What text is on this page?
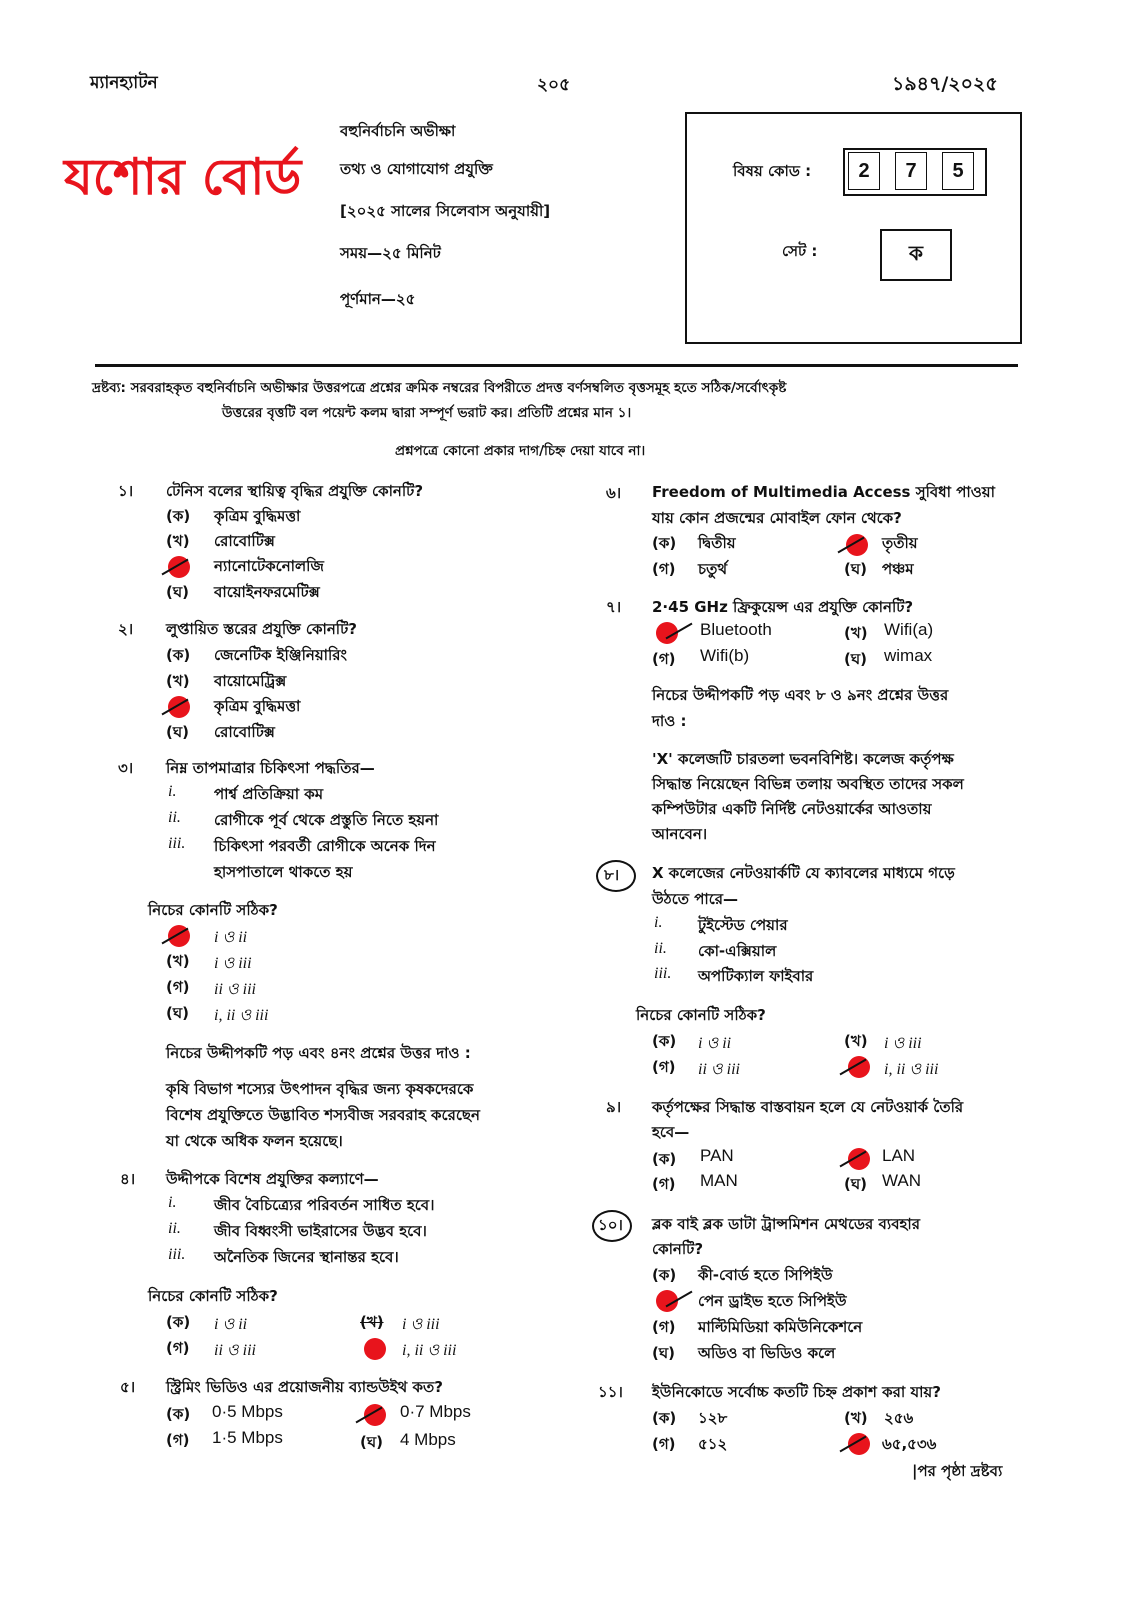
ম্যানহ্যাটন	২০৫	১৯৪৭/২০২৫
যশোর বোর্ড
বহুনির্বাচনি অভীক্ষা
তথ্য ও যোগাযোগ প্রযুক্তি
[২০২৫ সালের সিলেবাস অনুযায়ী]
সময়—২৫ মিনিট
পূর্ণমান—২৫
বিষয় কোড :	2	7	5
সেট :	ক
দ্রষ্টব্য: সরবরাহকৃত বহুনির্বাচনি অভীক্ষার উত্তরপত্রে প্রশ্নের ক্রমিক নম্বরের বিপরীতে প্রদত্ত বর্ণসম্বলিত বৃত্তসমূহ হতে সঠিক/সর্বোৎকৃষ্ট
উত্তরের বৃত্তটি বল পয়েন্ট কলম দ্বারা সম্পূর্ণ ভরাট কর। প্রতিটি প্রশ্নের মান ১।
প্রশ্নপত্রে কোনো প্রকার দাগ/চিহ্ন দেয়া যাবে না।
১। টেনিস বলের স্থায়িত্ব বৃদ্ধির প্রযুক্তি কোনটি?
(ক) কৃত্রিম বুদ্ধিমত্তা
(খ) রোবোটিক্স
ন্যানোটেকনোলজি
(ঘ) বায়োইনফরমেটিক্স
২। লুপ্তায়িত স্তরের প্রযুক্তি কোনটি?
(ক) জেনেটিক ইঞ্জিনিয়ারিং
(খ) বায়োমেট্রিক্স
কৃত্রিম বুদ্ধিমত্তা
(ঘ) রোবোটিক্স
৩। নিম্ন তাপমাত্রার চিকিৎসা পদ্ধতির—
i.	পার্শ্ব প্রতিক্রিয়া কম
ii. রোগীকে পূর্ব থেকে প্রস্তুতি নিতে হয়না
iii. চিকিৎসা পরবর্তী রোগীকে অনেক দিন
হাসপাতালে থাকতে হয়
নিচের কোনটি সঠিক?
i ও ii
(খ) i ও iii
(গ) ii ও iii
(ঘ) i, ii ও iii
নিচের উদ্দীপকটি পড় এবং ৪নং প্রশ্নের উত্তর দাও :
কৃষি বিভাগ শস্যের উৎপাদন বৃদ্ধির জন্য কৃষকদেরকে
বিশেষ প্রযুক্তিতে উদ্ভাবিত শস্যবীজ সরবরাহ করেছেন
যা থেকে অধিক ফলন হয়েছে।
৪। উদ্দীপকে বিশেষ প্রযুক্তির কল্যাণে—
i.	জীব বৈচিত্র্যের পরিবর্তন সাধিত হবে।
ii. জীব বিধ্বংসী ভাইরাসের উদ্ভব হবে।
iii. অনৈতিক জিনের স্থানান্তর হবে।
নিচের কোনটি সঠিক?
(ক) i ও ii	(খ) i ও iii
(গ) ii ও iii	i, ii ও iii
৫। স্ট্রিমিং ভিডিও এর প্রয়োজনীয় ব্যান্ডউইথ কত?
(ক) 0·5 Mbps	0·7 Mbps
(গ) 1·5 Mbps	(ঘ) 4 Mbps
৬। Freedom of Multimedia Access সুবিধা পাওয়া
যায় কোন প্রজন্মের মোবাইল ফোন থেকে?
(ক) দ্বিতীয়	তৃতীয়
(গ) চতুর্থ	(ঘ) পঞ্চম
৭। 2·45 GHz ফ্রিকুয়েন্স এর প্রযুক্তি কোনটি?
Bluetooth	(খ) Wifi(a)
(গ) Wifi(b)	(ঘ) wimax
নিচের উদ্দীপকটি পড় এবং ৮ ও ৯নং প্রশ্নের উত্তর
দাও :
'X' কলেজটি চারতলা ভবনবিশিষ্ট। কলেজ কর্তৃপক্ষ
সিদ্ধান্ত নিয়েছেন বিভিন্ন তলায় অবস্থিত তাদের সকল
কম্পিউটার একটি নির্দিষ্ট নেটওয়ার্কের আওতায়
আনবেন।
৮। X কলেজের নেটওয়ার্কটি যে ক্যাবলের মাধ্যমে গড়ে
উঠতে পারে—
i. টুইস্টেড পেয়ার
ii. কো-এক্সিয়াল
iii. অপটিক্যাল ফাইবার
নিচের কোনটি সঠিক?
(ক) i ও ii	(খ) i ও iii
(গ) ii ও iii	i, ii ও iii
৯। কর্তৃপক্ষের সিদ্ধান্ত বাস্তবায়ন হলে যে নেটওয়ার্ক তৈরি
হবে—
(ক) PAN	LAN
(গ) MAN	(ঘ) WAN
১০। ব্লক বাই ব্লক ডাটা ট্রান্সমিশন মেথডের ব্যবহার
কোনটি?
(ক) কী-বোর্ড হতে সিপিইউ
পেন ড্রাইভ হতে সিপিইউ
(গ) মাল্টিমিডিয়া কমিউনিকেশনে
(ঘ) অডিও বা ভিডিও কলে
১১। ইউনিকোডে সর্বোচ্চ কতটি চিহ্ন প্রকাশ করা যায়?
(ক) ১২৮	(খ) ২৫৬
(গ) ৫১২	৬৫,৫৩৬
|পর পৃষ্ঠা দ্রষ্টব্য
